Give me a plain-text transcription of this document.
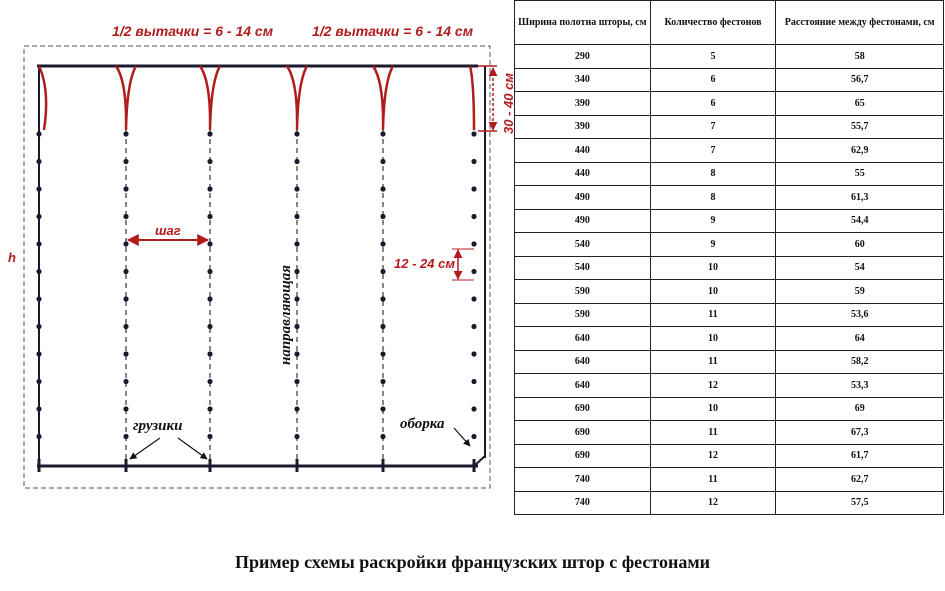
1/2 вытачки = 6 - 14 см	1/2 вытачки = 6 - 14 см
30 - 40 см
шаг
направляющая
12 - 24 см
h
грузики	оборка
Ширина полотна шторы, см	Количество фестонов	Расстояние между фестонами, см
290	5	58
340	6	56,7
390	6	65
390	7	55,7
440	7	62,9
440	8	55
490	8	61,3
490	9	54,4
540	9	60
540	10	54
590	10	59
590	11	53,6
640	10	64
640	11	58,2
640	12	53,3
690	10	69
690	11	67,3
690	12	61,7
740	11	62,7
740	12	57,5
Пример схемы раскройки французских штор с фестонами
